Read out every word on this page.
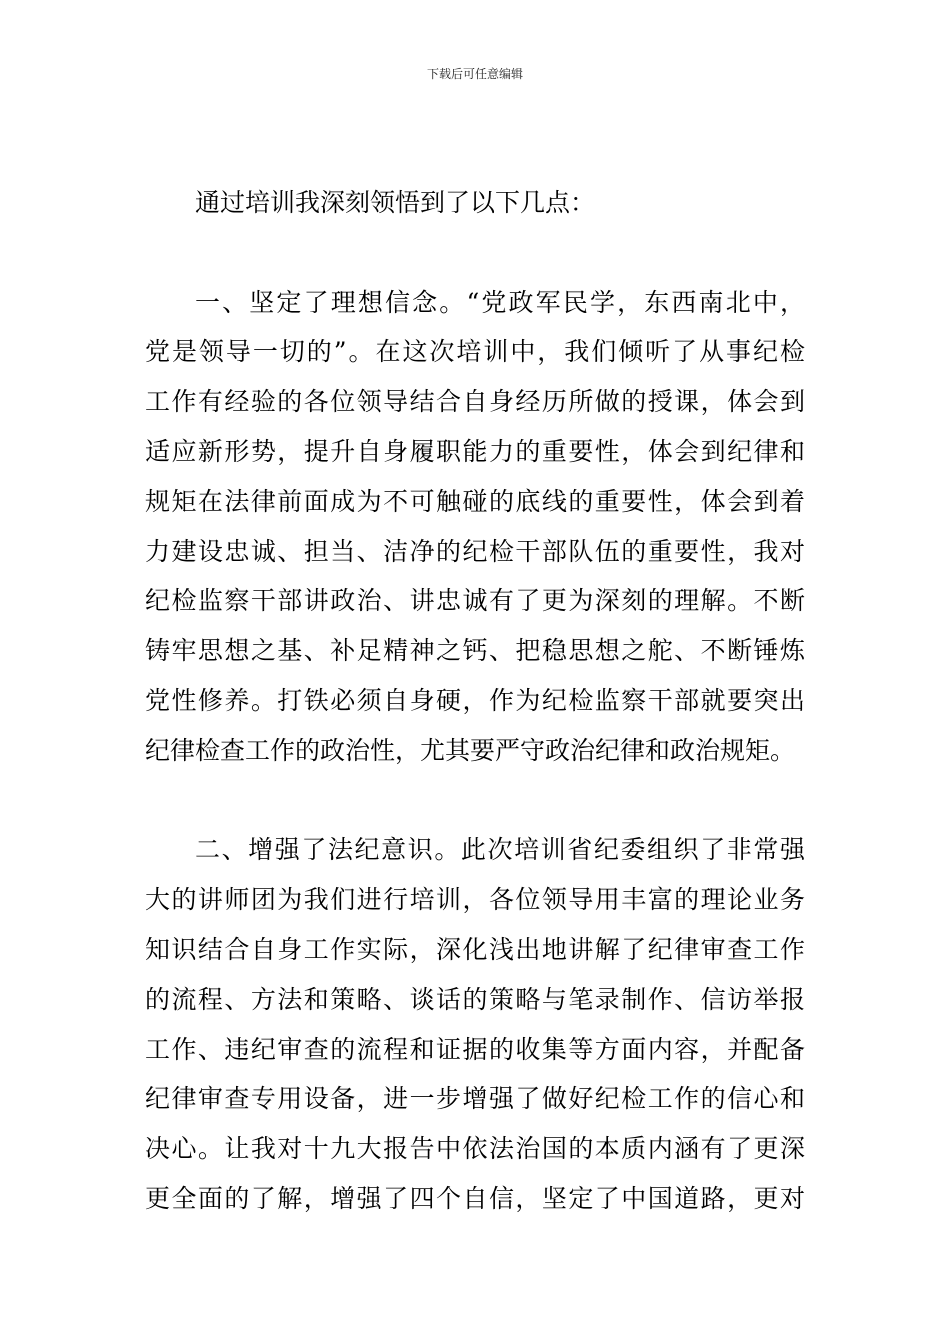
下载后可任意编辑
通过培训我深刻领悟到了以下几点：
一、坚定了理想信念。“党政军民学，东西南北中，
党是领导一切的”。在这次培训中，我们倾听了从事纪检
工作有经验的各位领导结合自身经历所做的授课，体会到
适应新形势，提升自身履职能力的重要性，体会到纪律和
规矩在法律前面成为不可触碰的底线的重要性，体会到着
力建设忠诚、担当、洁净的纪检干部队伍的重要性，我对
纪检监察干部讲政治、讲忠诚有了更为深刻的理解。不断
铸牢思想之基、补足精神之钙、把稳思想之舵、不断锤炼
党性修养。打铁必须自身硬，作为纪检监察干部就要突出
纪律检查工作的政治性，尤其要严守政治纪律和政治规矩。
二、增强了法纪意识。此次培训省纪委组织了非常强
大的讲师团为我们进行培训，各位领导用丰富的理论业务
知识结合自身工作实际，深化浅出地讲解了纪律审查工作
的流程、方法和策略、谈话的策略与笔录制作、信访举报
工作、违纪审查的流程和证据的收集等方面内容，并配备
纪律审查专用设备，进一步增强了做好纪检工作的信心和
决心。让我对十九大报告中依法治国的本质内涵有了更深
更全面的了解，增强了四个自信，坚定了中国道路，更对
